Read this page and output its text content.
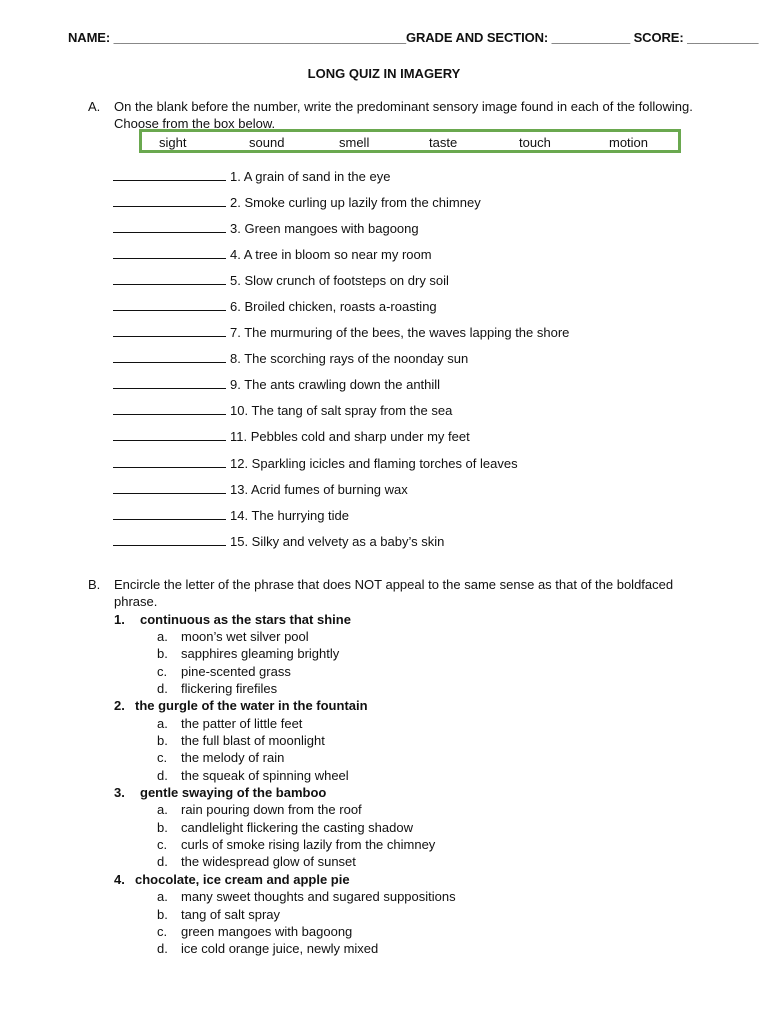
NAME: _________________________________________GRADE AND SECTION: ___________ SCORE: __________
LONG QUIZ IN IMAGERY
A. On the blank before the number, write the predominant sensory image found in each of the following. Choose from the box below.
sight	sound	smell	taste	touch	motion
1. A grain of sand in the eye
2. Smoke curling up lazily from the chimney
3. Green mangoes with bagoong
4. A tree in bloom so near my room
5. Slow crunch of footsteps on dry soil
6. Broiled chicken, roasts a-roasting
7. The murmuring of the bees, the waves lapping the shore
8. The scorching rays of the noonday sun
9. The ants crawling down the anthill
10. The tang of salt spray from the sea
11. Pebbles cold and sharp under my feet
12. Sparkling icicles and flaming torches of leaves
13. Acrid fumes of burning wax
14. The hurrying tide
15. Silky and velvety as a baby’s skin
B. Encircle the letter of the phrase that does NOT appeal to the same sense as that of the boldfaced phrase.
1. continuous as the stars that shine
a. moon’s wet silver pool
b. sapphires gleaming brightly
c. pine-scented grass
d. flickering firefiles
2. the gurgle of the water in the fountain
a. the patter of little feet
b. the full blast of moonlight
c. the melody of rain
d. the squeak of spinning wheel
3. gentle swaying of the bamboo
a. rain pouring down from the roof
b. candlelight flickering the casting shadow
c. curls of smoke rising lazily from the chimney
d. the widespread glow of sunset
4. chocolate, ice cream and apple pie
a. many sweet thoughts and sugared suppositions
b. tang of salt spray
c. green mangoes with bagoong
d. ice cold orange juice, newly mixed
